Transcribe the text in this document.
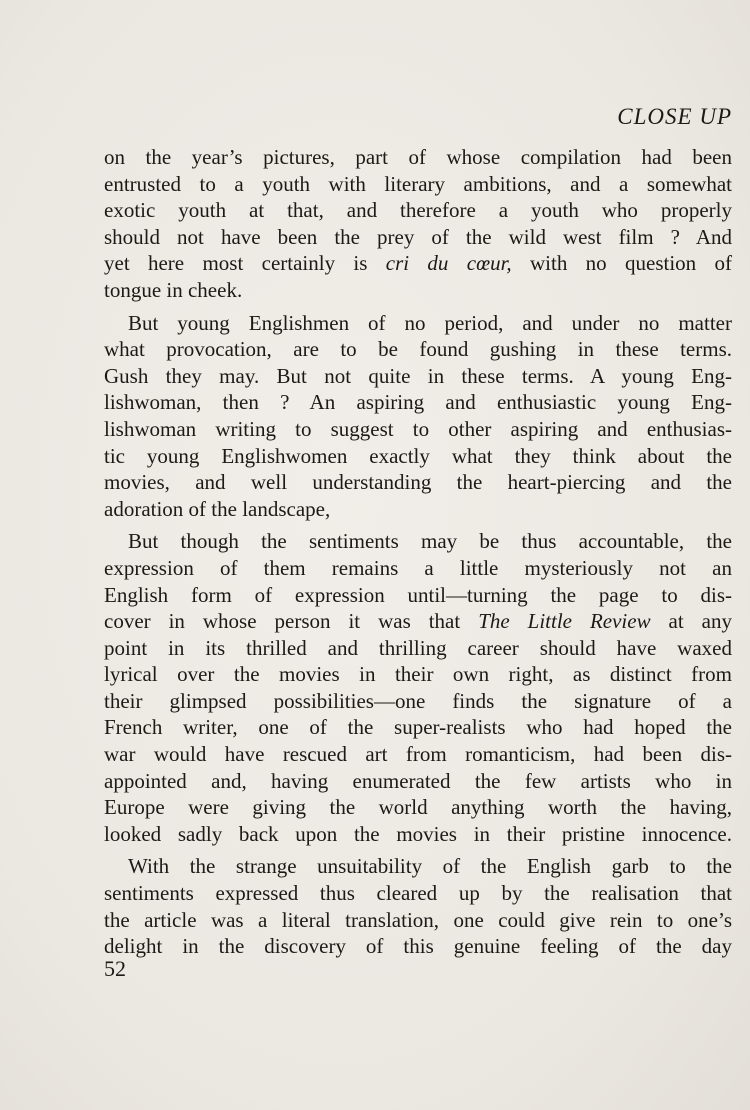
CLOSE UP

on the year’s pictures, part of whose compilation had been
entrusted to a youth with literary ambitions, and a somewhat
exotic youth at that, and therefore a youth who properly
should not have been the prey of the wild west film ? And
yet here most certainly is cri du cœur, with no question of
tongue in cheek.

But young Englishmen of no period, and under no matter
what provocation, are to be found gushing in these terms.
Gush they may. But not quite in these terms. A young Eng-
lishwoman, then ? An aspiring and enthusiastic young Eng-
lishwoman writing to suggest to other aspiring and enthusias-
tic young Englishwomen exactly what they think about the
movies, and well understanding the heart-piercing and the
adoration of the landscape,

But though the sentiments may be thus accountable, the
expression of them remains a little mysteriously not an
English form of expression until—turning the page to dis-
cover in whose person it was that The Little Review at any
point in its thrilled and thrilling career should have waxed
lyrical over the movies in their own right, as distinct from
their glimpsed possibilities—one finds the signature of a
French writer, one of the super-realists who had hoped the
war would have rescued art from romanticism, had been dis-
appointed and, having enumerated the few artists who in
Europe were giving the world anything worth the having,
looked sadly back upon the movies in their pristine innocence.

With the strange unsuitability of the English garb to the
sentiments expressed thus cleared up by the realisation that
the article was a literal translation, one could give rein to one’s
delight in the discovery of this genuine feeling of the day

52
